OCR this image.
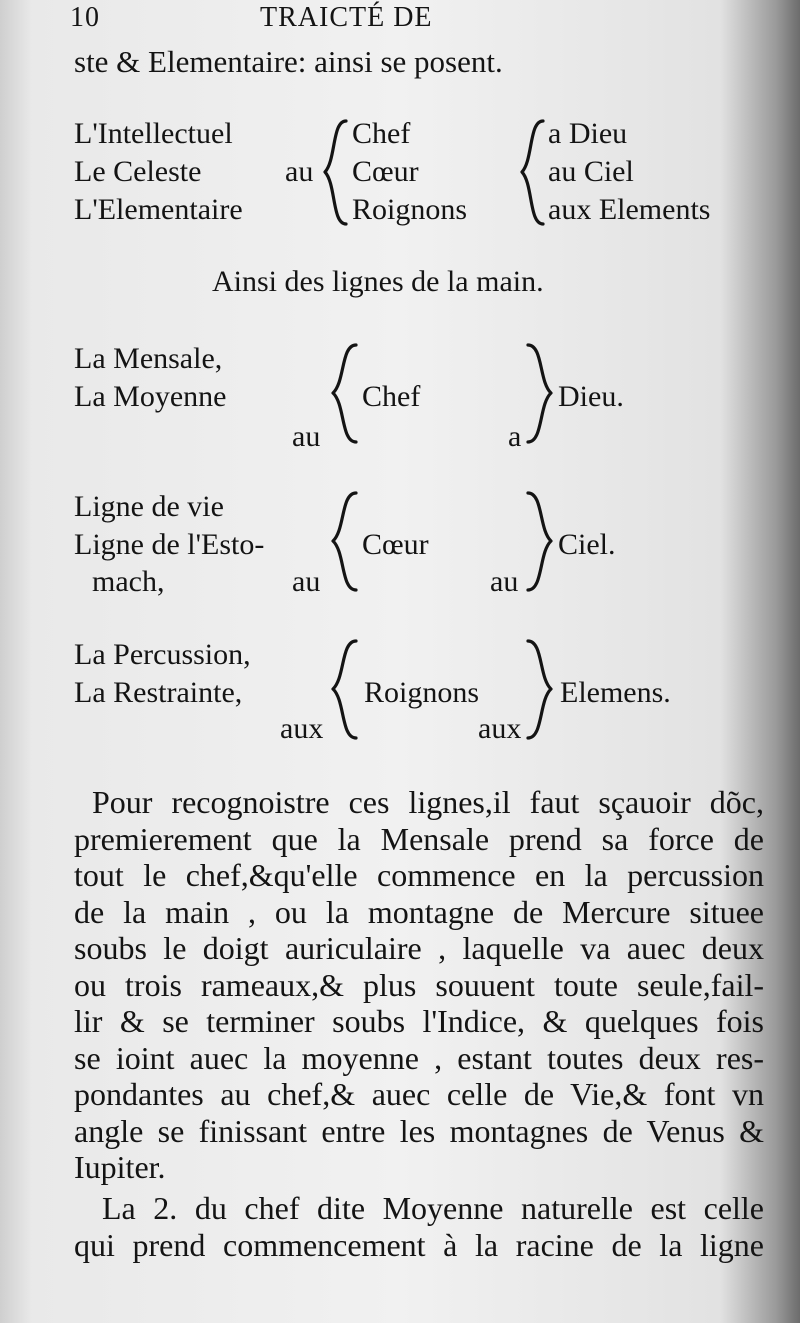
10	TRAICTÉ DE
ste & Elementaire: ainsi se posent.
L'Intellectuel
Le Celeste
L'Elementaire
au
Chef
Cœur
Roignons
a Dieu
au Ciel
aux Elements
Ainsi des lignes de la main.
La Mensale,
La Moyenne
au
Chef
a
Dieu.
Ligne de vie
Ligne de l'Esto-
mach,	au
Cœur
au
Ciel.
La Percussion,
La Restrainte,
aux
Roignons
aux
Elemens.

Pour recognoistre ces lignes,il faut sçauoir dõc,
premierement que la Mensale prend sa force de
tout le chef,&qu'elle commence en la percussion
de la main , ou la montagne de Mercure situee
soubs le doigt auriculaire , laquelle va auec deux
ou trois rameaux,& plus souuent toute seule,fail-
lir & se terminer soubs l'Indice, & quelques fois
se ioint auec la moyenne , estant toutes deux res-
pondantes au chef,& auec celle de Vie,& font vn
angle se finissant entre les montagnes de Venus &
Iupiter.

La 2. du chef dite Moyenne naturelle est celle
qui prend commencement à la racine de la ligne
